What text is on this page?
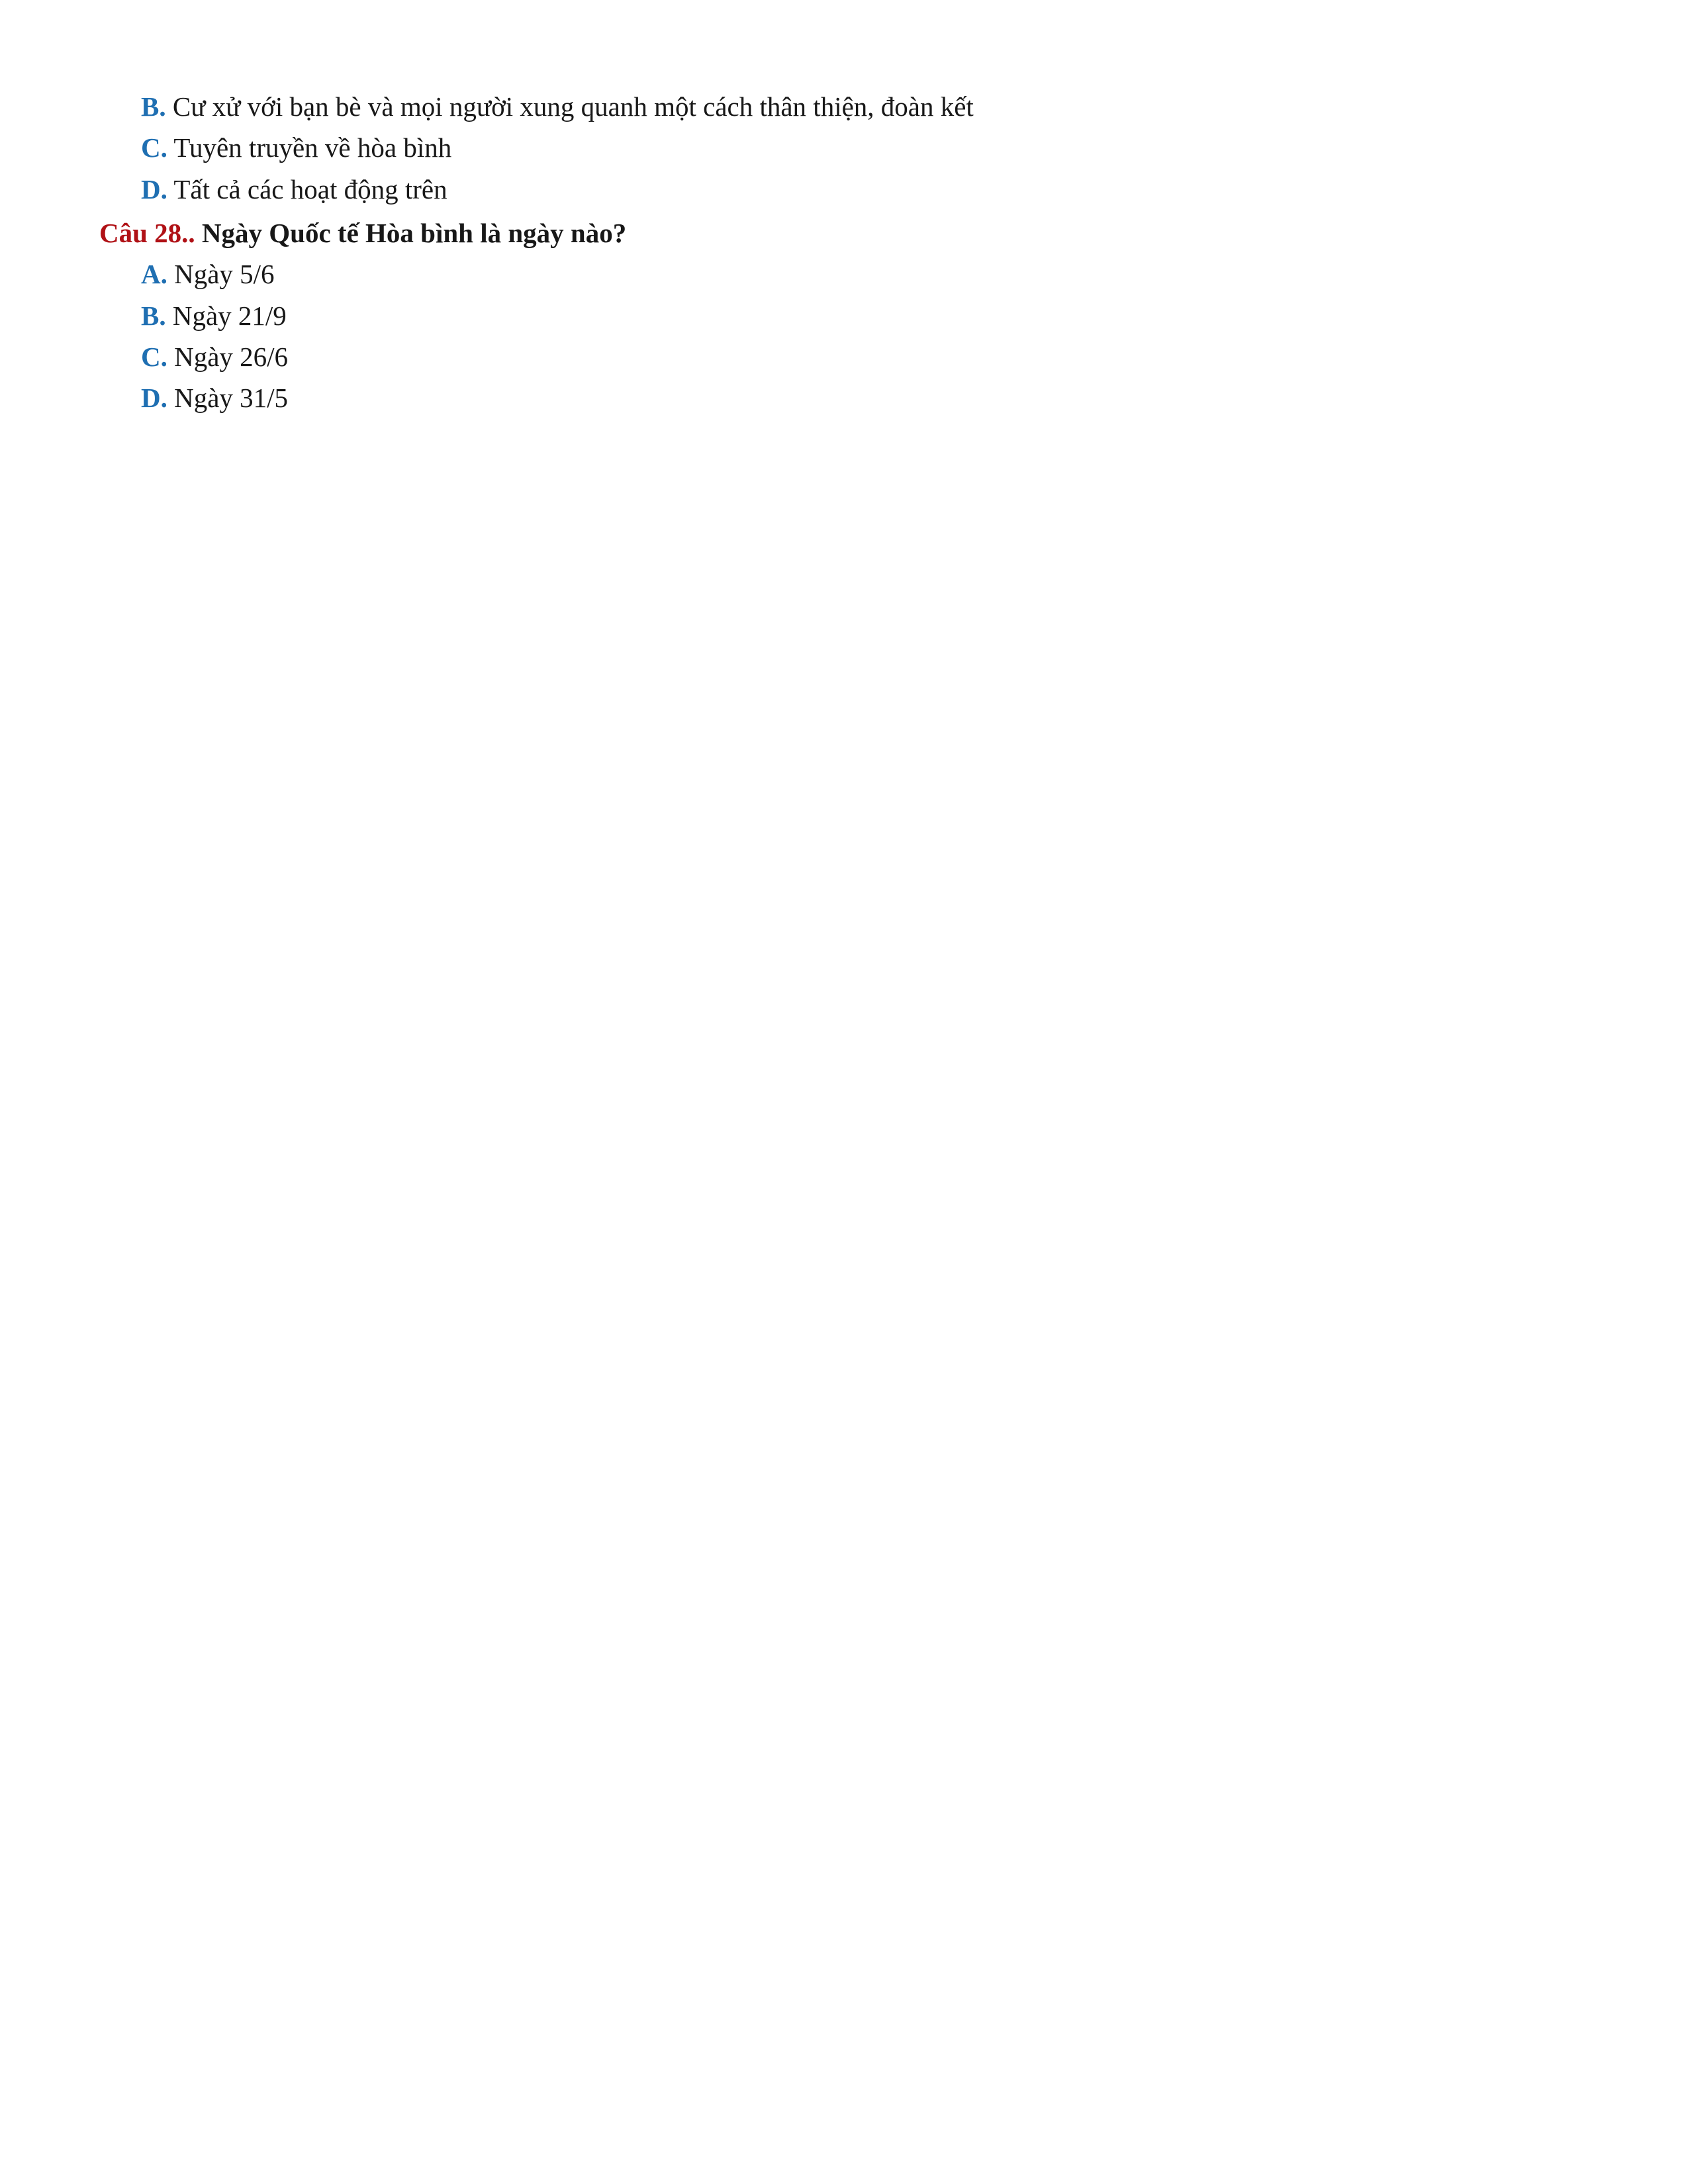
B. Cư xử với bạn bè và mọi người xung quanh một cách thân thiện, đoàn kết
C. Tuyên truyền về hòa bình
D. Tất cả các hoạt động trên
Câu 28.. Ngày Quốc tế Hòa bình là ngày nào?
A. Ngày 5/6
B. Ngày 21/9
C. Ngày 26/6
D. Ngày 31/5
